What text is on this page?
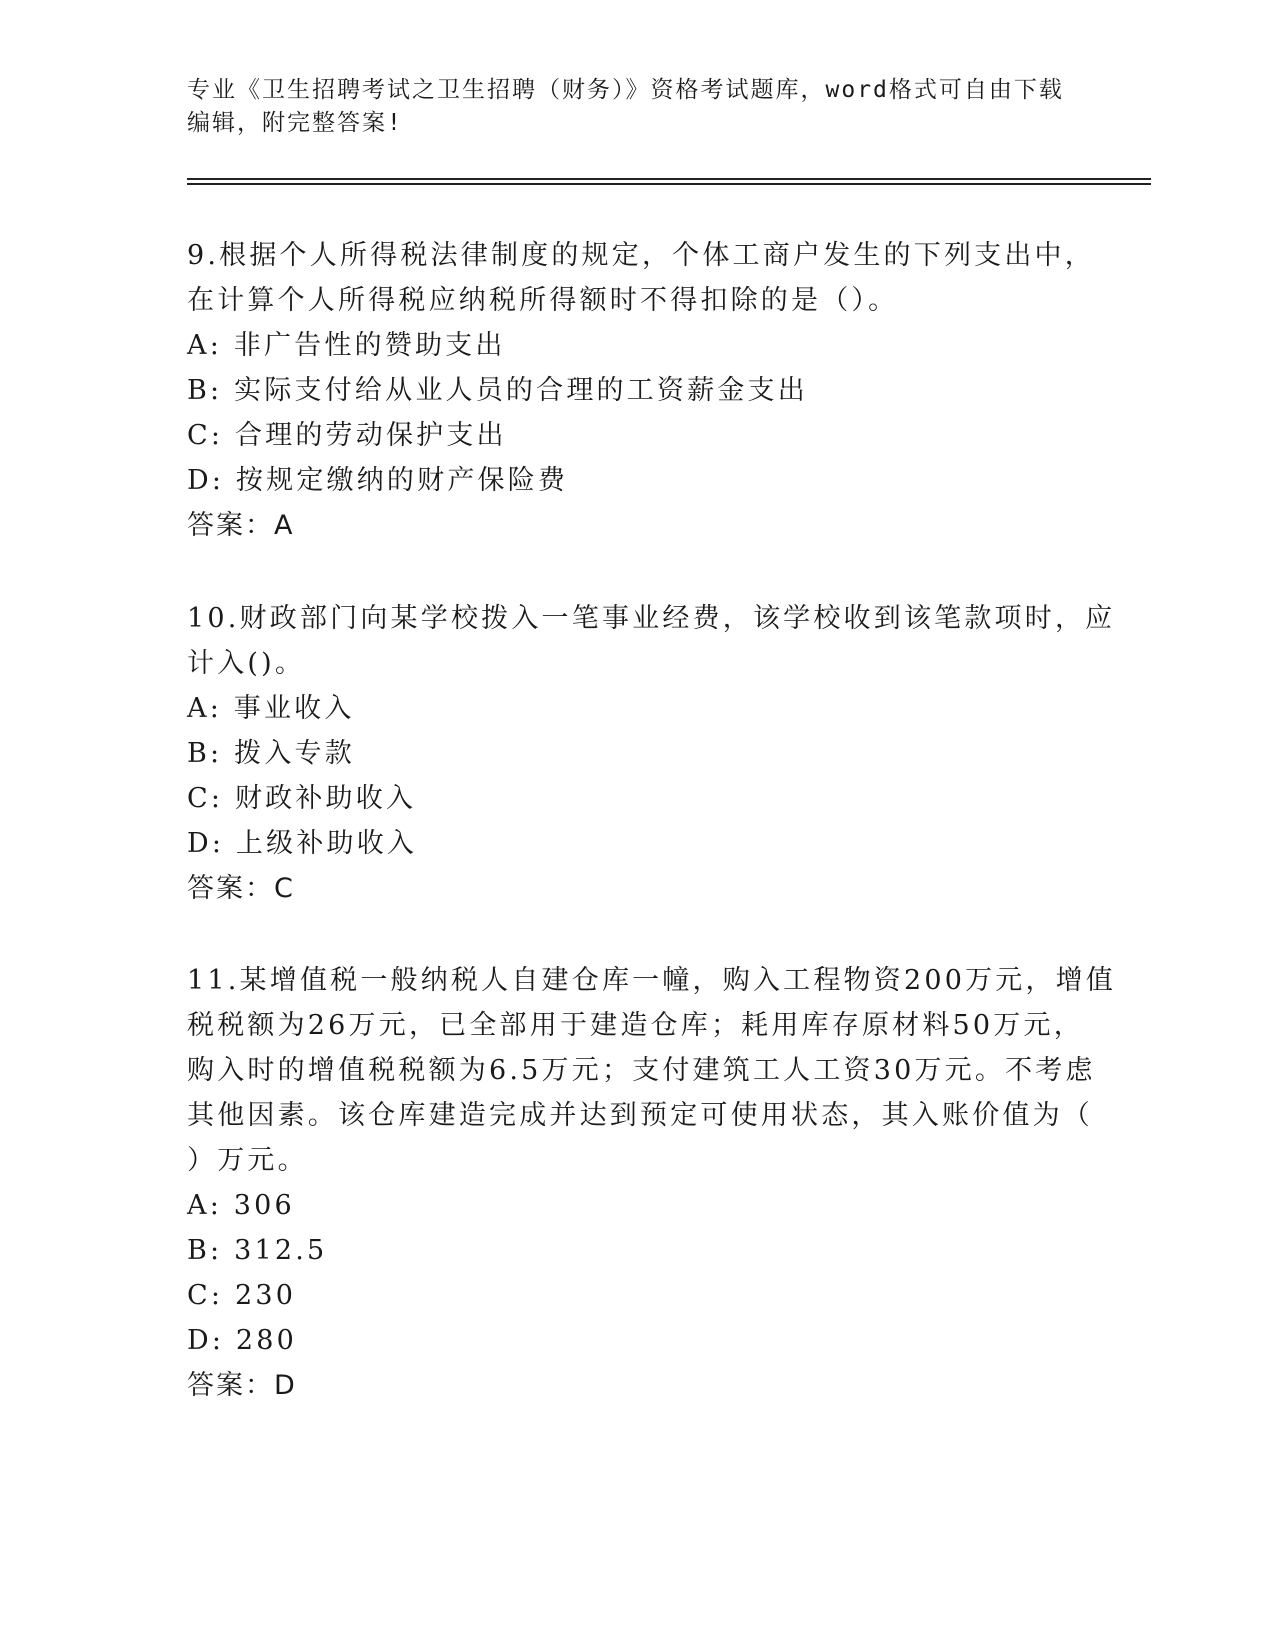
专业《卫生招聘考试之卫生招聘（财务）》资格考试题库，word格式可自由下载
编辑，附完整答案!
9.根据个人所得税法律制度的规定，个体工商户发生的下列支出中，
在计算个人所得税应纳税所得额时不得扣除的是（）。
A: 非广告性的赞助支出
B: 实际支付给从业人员的合理的工资薪金支出
C: 合理的劳动保护支出
D: 按规定缴纳的财产保险费
答案：A
10.财政部门向某学校拨入一笔事业经费，该学校收到该笔款项时，应
计入()。
A: 事业收入
B: 拨入专款
C: 财政补助收入
D: 上级补助收入
答案：C
11.某增值税一般纳税人自建仓库一幢，购入工程物资200万元，增值
税税额为26万元，已全部用于建造仓库；耗用库存原材料50万元，
购入时的增值税税额为6.5万元；支付建筑工人工资30万元。不考虑
其他因素。该仓库建造完成并达到预定可使用状态，其入账价值为（
）万元。
A: 306
B: 312.5
C: 230
D: 280
答案：D
